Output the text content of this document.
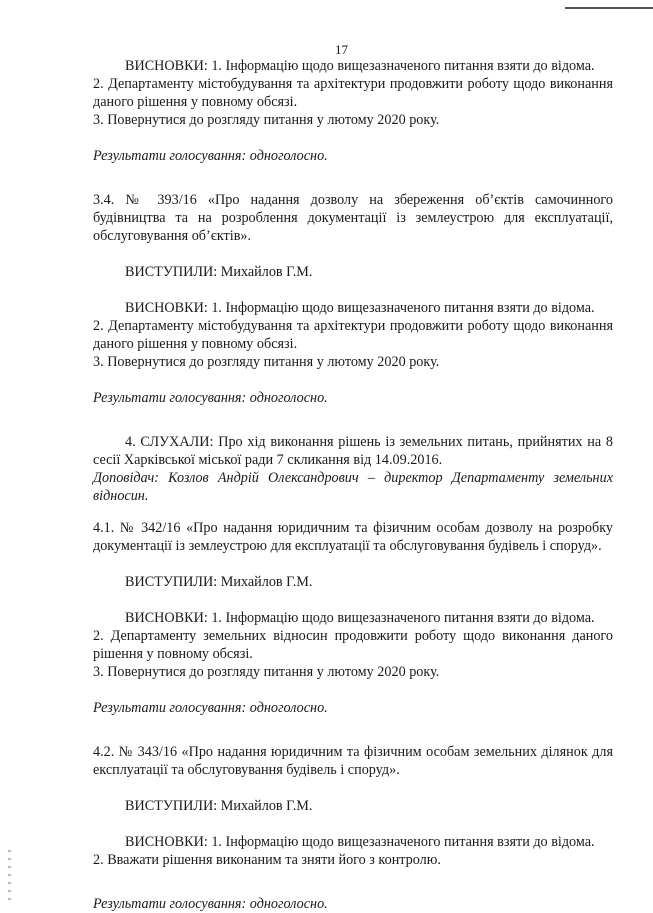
17

ВИСНОВКИ: 1. Інформацію щодо вищезазначеного питання взяти до відома.

2. Департаменту містобудування та архітектури продовжити роботу щодо виконання даного рішення у повному обсязі.

3. Повернутися до розгляду питання у лютому 2020 року.

Результати голосування: одноголосно.

3.4. № 393/16 «Про надання дозволу на збереження об’єктів самочинного будівництва та на розроблення документації із землеустрою для експлуатації, обслуговування об’єктів».

ВИСТУПИЛИ: Михайлов Г.М.

ВИСНОВКИ: 1. Інформацію щодо вищезазначеного питання взяти до відома.

2. Департаменту містобудування та архітектури продовжити роботу щодо виконання даного рішення у повному обсязі.

3. Повернутися до розгляду питання у лютому 2020 року.

Результати голосування: одноголосно.

4. СЛУХАЛИ: Про хід виконання рішень із земельних питань, прийнятих на 8 сесії Харківської міської ради 7 скликання від 14.09.2016.

Доповідач: Козлов Андрій Олександрович – директор Департаменту земельних відносин.

4.1. № 342/16 «Про надання юридичним та фізичним особам дозволу на розробку документації із землеустрою для експлуатації та обслуговування будівель і споруд».

ВИСТУПИЛИ: Михайлов Г.М.

ВИСНОВКИ: 1. Інформацію щодо вищезазначеного питання взяти до відома.

2. Департаменту земельних відносин продовжити роботу щодо виконання даного рішення у повному обсязі.

3. Повернутися до розгляду питання у лютому 2020 року.

Результати голосування: одноголосно.

4.2. № 343/16 «Про надання юридичним та фізичним особам земельних ділянок для експлуатації та обслуговування будівель і споруд».

ВИСТУПИЛИ: Михайлов Г.М.

ВИСНОВКИ: 1. Інформацію щодо вищезазначеного питання взяти до відома.

2. Вважати рішення виконаним та зняти його з контролю.

Результати голосування: одноголосно.
